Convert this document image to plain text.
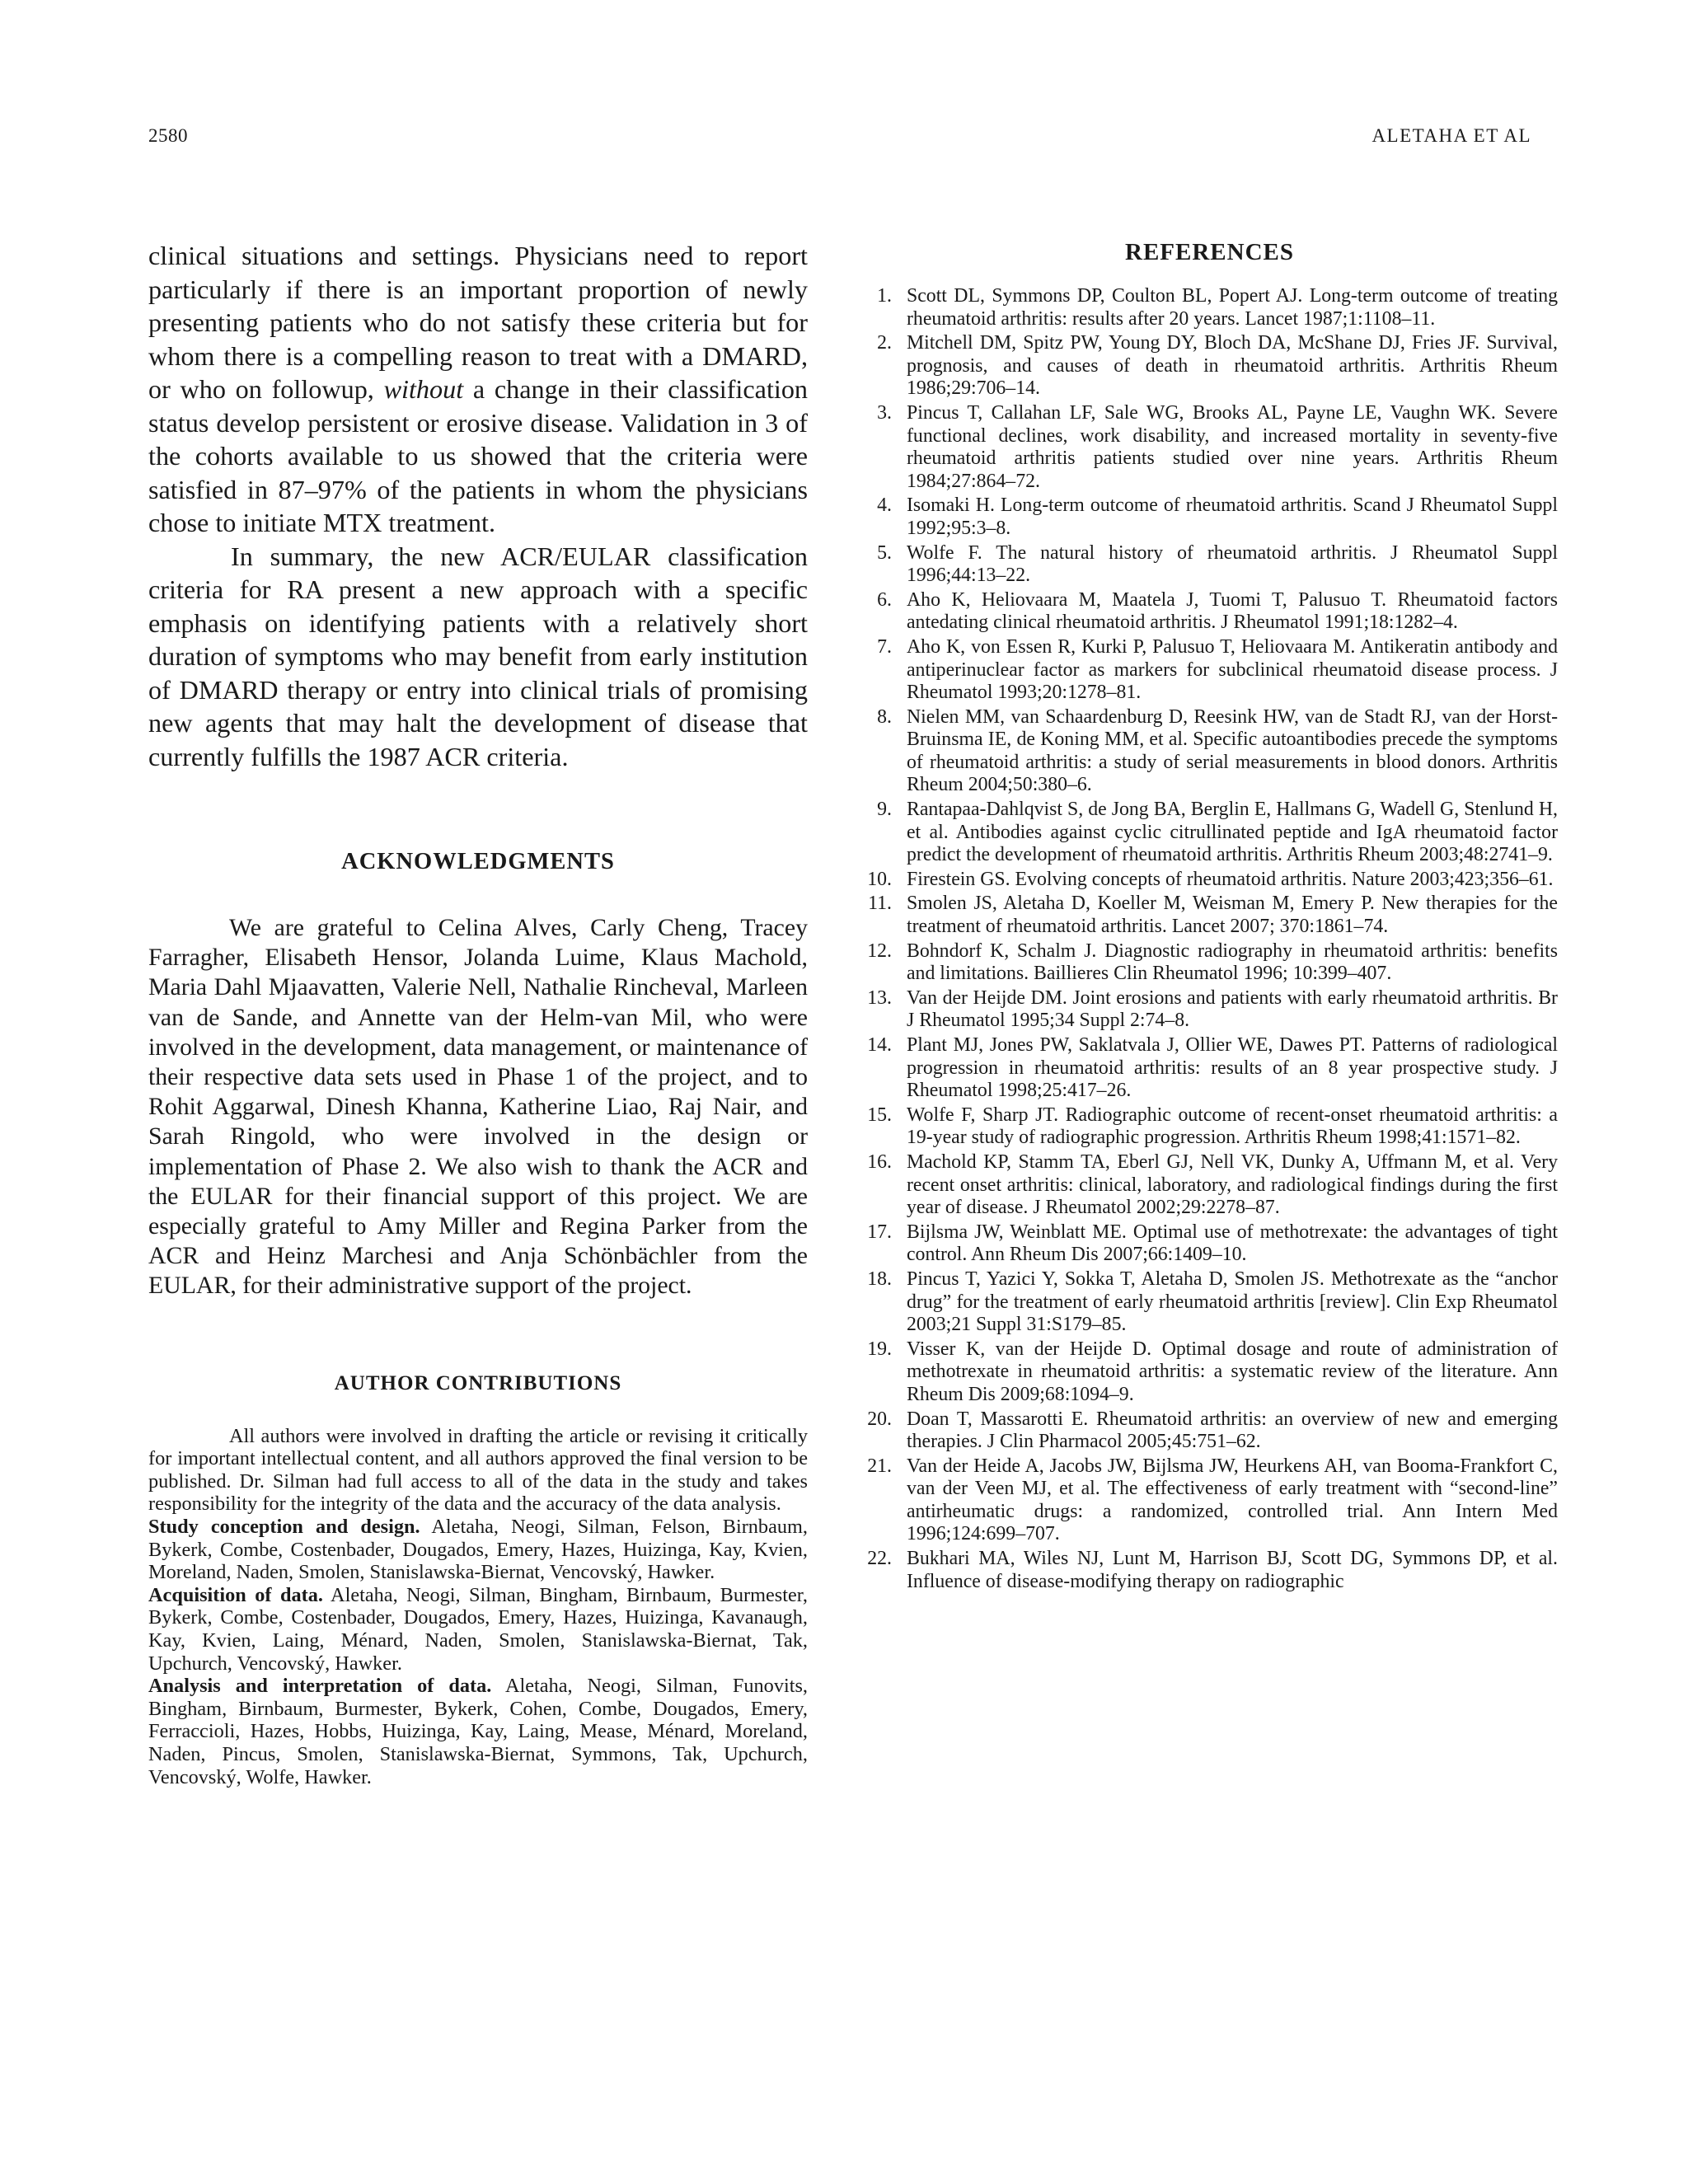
2580	ALETAHA ET AL

clinical situations and settings. Physicians need to report particularly if there is an important proportion of newly presenting patients who do not satisfy these criteria but for whom there is a compelling reason to treat with a DMARD, or who on followup, without a change in their classification status develop persistent or erosive disease. Validation in 3 of the cohorts available to us showed that the criteria were satisfied in 87–97% of the patients in whom the physicians chose to initiate MTX treatment.

In summary, the new ACR/EULAR classification criteria for RA present a new approach with a specific emphasis on identifying patients with a relatively short duration of symptoms who may benefit from early institution of DMARD therapy or entry into clinical trials of promising new agents that may halt the development of disease that currently fulfills the 1987 ACR criteria.

ACKNOWLEDGMENTS

We are grateful to Celina Alves, Carly Cheng, Tracey Farragher, Elisabeth Hensor, Jolanda Luime, Klaus Machold, Maria Dahl Mjaavatten, Valerie Nell, Nathalie Rincheval, Marleen van de Sande, and Annette van der Helm-van Mil, who were involved in the development, data management, or maintenance of their respective data sets used in Phase 1 of the project, and to Rohit Aggarwal, Dinesh Khanna, Katherine Liao, Raj Nair, and Sarah Ringold, who were involved in the design or implementation of Phase 2. We also wish to thank the ACR and the EULAR for their financial support of this project. We are especially grateful to Amy Miller and Regina Parker from the ACR and Heinz Marchesi and Anja Schönbächler from the EULAR, for their administrative support of the project.

AUTHOR CONTRIBUTIONS

All authors were involved in drafting the article or revising it critically for important intellectual content, and all authors approved the final version to be published. Dr. Silman had full access to all of the data in the study and takes responsibility for the integrity of the data and the accuracy of the data analysis.

Study conception and design. Aletaha, Neogi, Silman, Felson, Birnbaum, Bykerk, Combe, Costenbader, Dougados, Emery, Hazes, Huizinga, Kay, Kvien, Moreland, Naden, Smolen, Stanislawska-Biernat, Vencovský, Hawker.

Acquisition of data. Aletaha, Neogi, Silman, Bingham, Birnbaum, Burmester, Bykerk, Combe, Costenbader, Dougados, Emery, Hazes, Huizinga, Kavanaugh, Kay, Kvien, Laing, Ménard, Naden, Smolen, Stanislawska-Biernat, Tak, Upchurch, Vencovský, Hawker.

Analysis and interpretation of data. Aletaha, Neogi, Silman, Funovits, Bingham, Birnbaum, Burmester, Bykerk, Cohen, Combe, Dougados, Emery, Ferraccioli, Hazes, Hobbs, Huizinga, Kay, Laing, Mease, Ménard, Moreland, Naden, Pincus, Smolen, Stanislawska-Biernat, Symmons, Tak, Upchurch, Vencovský, Wolfe, Hawker.

REFERENCES
1. Scott DL, Symmons DP, Coulton BL, Popert AJ. Long-term outcome of treating rheumatoid arthritis: results after 20 years. Lancet 1987;1:1108–11.
2. Mitchell DM, Spitz PW, Young DY, Bloch DA, McShane DJ, Fries JF. Survival, prognosis, and causes of death in rheumatoid arthritis. Arthritis Rheum 1986;29:706–14.
3. Pincus T, Callahan LF, Sale WG, Brooks AL, Payne LE, Vaughn WK. Severe functional declines, work disability, and increased mortality in seventy-five rheumatoid arthritis patients studied over nine years. Arthritis Rheum 1984;27:864–72.
4. Isomaki H. Long-term outcome of rheumatoid arthritis. Scand J Rheumatol Suppl 1992;95:3–8.
5. Wolfe F. The natural history of rheumatoid arthritis. J Rheumatol Suppl 1996;44:13–22.
6. Aho K, Heliovaara M, Maatela J, Tuomi T, Palusuo T. Rheumatoid factors antedating clinical rheumatoid arthritis. J Rheumatol 1991;18:1282–4.
7. Aho K, von Essen R, Kurki P, Palusuo T, Heliovaara M. Antikeratin antibody and antiperinuclear factor as markers for subclinical rheumatoid disease process. J Rheumatol 1993;20:1278–81.
8. Nielen MM, van Schaardenburg D, Reesink HW, van de Stadt RJ, van der Horst-Bruinsma IE, de Koning MM, et al. Specific autoantibodies precede the symptoms of rheumatoid arthritis: a study of serial measurements in blood donors. Arthritis Rheum 2004;50:380–6.
9. Rantapaa-Dahlqvist S, de Jong BA, Berglin E, Hallmans G, Wadell G, Stenlund H, et al. Antibodies against cyclic citrullinated peptide and IgA rheumatoid factor predict the development of rheumatoid arthritis. Arthritis Rheum 2003;48:2741–9.
10. Firestein GS. Evolving concepts of rheumatoid arthritis. Nature 2003;423;356–61.
11. Smolen JS, Aletaha D, Koeller M, Weisman M, Emery P. New therapies for the treatment of rheumatoid arthritis. Lancet 2007; 370:1861–74.
12. Bohndorf K, Schalm J. Diagnostic radiography in rheumatoid arthritis: benefits and limitations. Baillieres Clin Rheumatol 1996; 10:399–407.
13. Van der Heijde DM. Joint erosions and patients with early rheumatoid arthritis. Br J Rheumatol 1995;34 Suppl 2:74–8.
14. Plant MJ, Jones PW, Saklatvala J, Ollier WE, Dawes PT. Patterns of radiological progression in rheumatoid arthritis: results of an 8 year prospective study. J Rheumatol 1998;25:417–26.
15. Wolfe F, Sharp JT. Radiographic outcome of recent-onset rheumatoid arthritis: a 19-year study of radiographic progression. Arthritis Rheum 1998;41:1571–82.
16. Machold KP, Stamm TA, Eberl GJ, Nell VK, Dunky A, Uffmann M, et al. Very recent onset arthritis: clinical, laboratory, and radiological findings during the first year of disease. J Rheumatol 2002;29:2278–87.
17. Bijlsma JW, Weinblatt ME. Optimal use of methotrexate: the advantages of tight control. Ann Rheum Dis 2007;66:1409–10.
18. Pincus T, Yazici Y, Sokka T, Aletaha D, Smolen JS. Methotrexate as the “anchor drug” for the treatment of early rheumatoid arthritis [review]. Clin Exp Rheumatol 2003;21 Suppl 31:S179–85.
19. Visser K, van der Heijde D. Optimal dosage and route of administration of methotrexate in rheumatoid arthritis: a systematic review of the literature. Ann Rheum Dis 2009;68:1094–9.
20. Doan T, Massarotti E. Rheumatoid arthritis: an overview of new and emerging therapies. J Clin Pharmacol 2005;45:751–62.
21. Van der Heide A, Jacobs JW, Bijlsma JW, Heurkens AH, van Booma-Frankfort C, van der Veen MJ, et al. The effectiveness of early treatment with “second-line” antirheumatic drugs: a randomized, controlled trial. Ann Intern Med 1996;124:699–707.
22. Bukhari MA, Wiles NJ, Lunt M, Harrison BJ, Scott DG, Symmons DP, et al. Influence of disease-modifying therapy on radiographic
